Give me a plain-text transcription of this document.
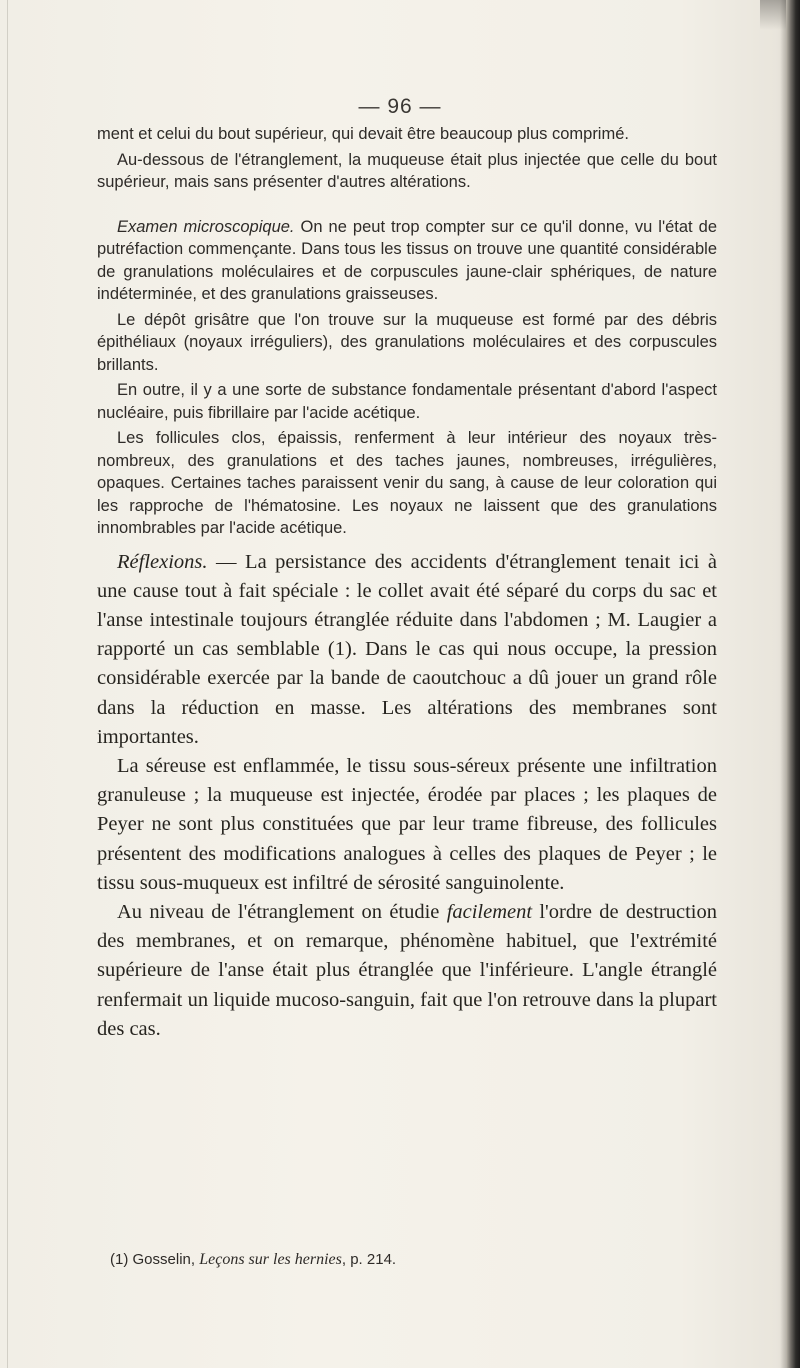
— 96 —

ment et celui du bout supérieur, qui devait être beaucoup plus comprimé.

Au-dessous de l'étranglement, la muqueuse était plus injectée que celle du bout supérieur, mais sans présenter d'autres altérations.

Examen microscopique. On ne peut trop compter sur ce qu'il donne, vu l'état de putréfaction commençante. Dans tous les tissus on trouve une quantité considérable de granulations moléculaires et de corpuscules jaune-clair sphériques, de nature indéterminée, et des granulations graisseuses.

Le dépôt grisâtre que l'on trouve sur la muqueuse est formé par des débris épithéliaux (noyaux irréguliers), des granulations moléculaires et des corpuscules brillants.

En outre, il y a une sorte de substance fondamentale présentant d'abord l'aspect nucléaire, puis fibrillaire par l'acide acétique.

Les follicules clos, épaissis, renferment à leur intérieur des noyaux très-nombreux, des granulations et des taches jaunes, nombreuses, irrégulières, opaques. Certaines taches paraissent venir du sang, à cause de leur coloration qui les rapproche de l'hématosine. Les noyaux ne laissent que des granulations innombrables par l'acide acétique.

Réflexions. — La persistance des accidents d'étranglement tenait ici à une cause tout à fait spéciale : le collet avait été séparé du corps du sac et l'anse intestinale toujours étranglée réduite dans l'abdomen ; M. Laugier a rapporté un cas semblable (1). Dans le cas qui nous occupe, la pression considérable exercée par la bande de caoutchouc a dû jouer un grand rôle dans la réduction en masse. Les altérations des membranes sont importantes.

La séreuse est enflammée, le tissu sous-séreux présente une infiltration granuleuse ; la muqueuse est injectée, érodée par places ; les plaques de Peyer ne sont plus constituées que par leur trame fibreuse, des follicules présentent des modifications analogues à celles des plaques de Peyer ; le tissu sous-muqueux est infiltré de sérosité sanguinolente.

Au niveau de l'étranglement on étudie facilement l'ordre de destruction des membranes, et on remarque, phénomène habituel, que l'extrémité supérieure de l'anse était plus étranglée que l'inférieure. L'angle étranglé renfermait un liquide mucoso-sanguin, fait que l'on retrouve dans la plupart des cas.

(1) Gosselin, Leçons sur les hernies, p. 214.
